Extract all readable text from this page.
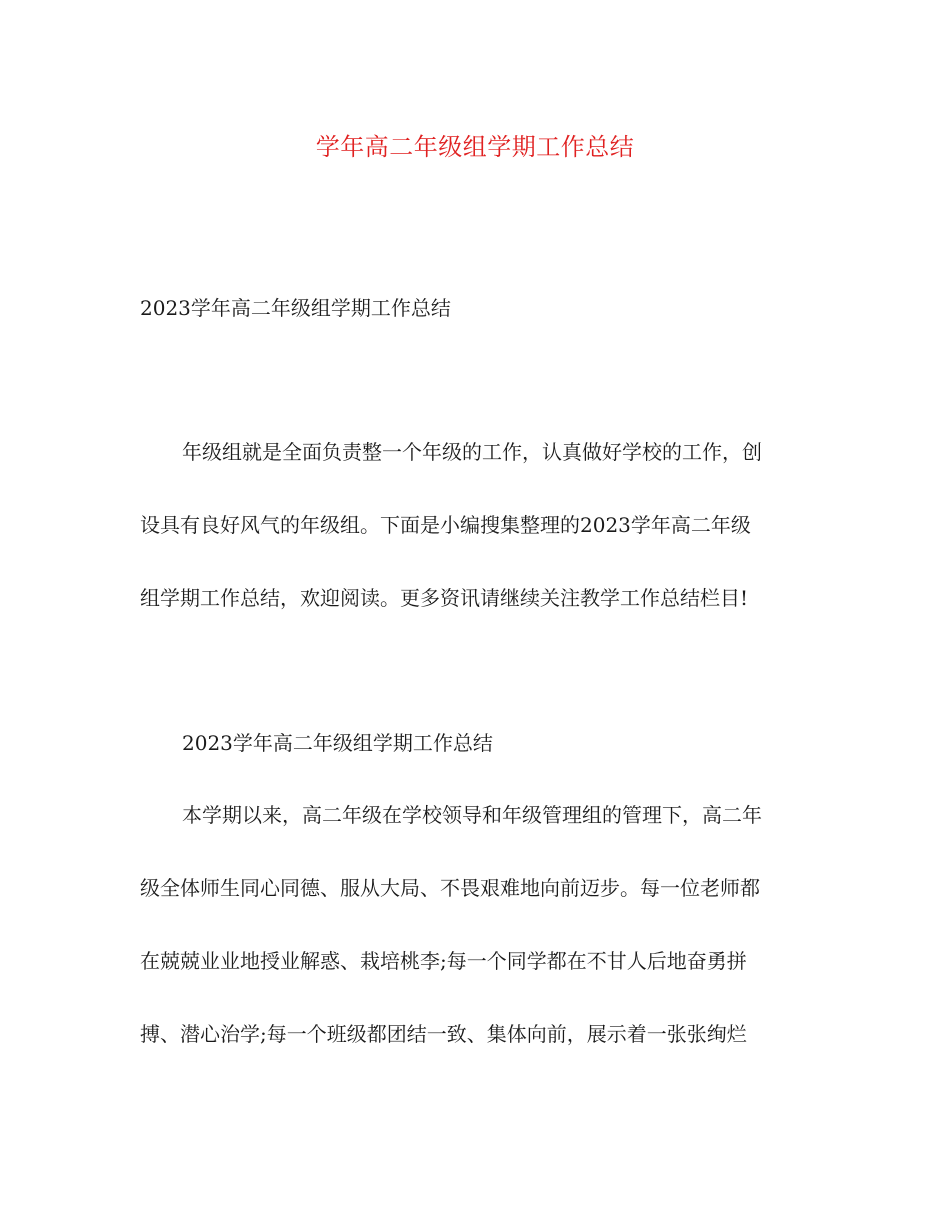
学年高二年级组学期工作总结
2023学年高二年级组学期工作总结
年级组就是全面负责整一个年级的工作，认真做好学校的工作，创
设具有良好风气的年级组。下面是小编搜集整理的2023学年高二年级
组学期工作总结，欢迎阅读。更多资讯请继续关注教学工作总结栏目!
2023学年高二年级组学期工作总结
本学期以来，高二年级在学校领导和年级管理组的管理下，高二年
级全体师生同心同德、服从大局、不畏艰难地向前迈步。每一位老师都
在兢兢业业地授业解惑、栽培桃李;每一个同学都在不甘人后地奋勇拼
搏、潜心治学;每一个班级都团结一致、集体向前，展示着一张张绚烂
